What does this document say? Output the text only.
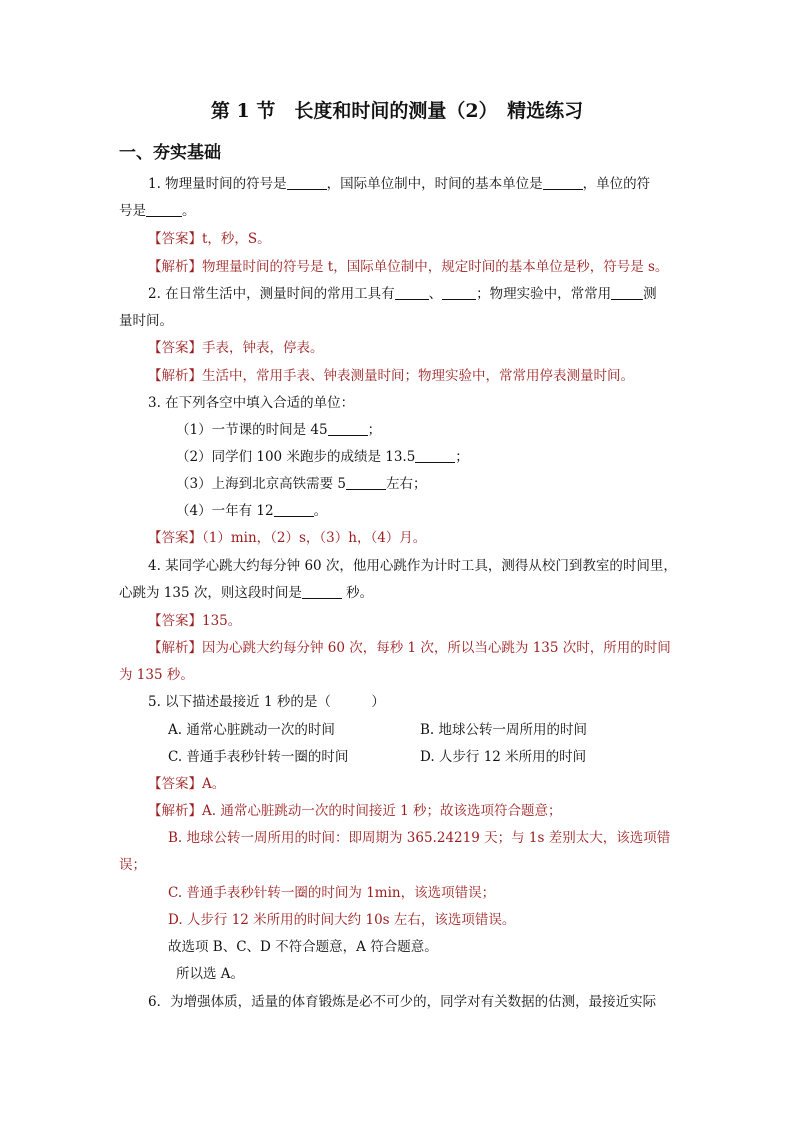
第 1 节　长度和时间的测量（2）　精选练习
一、夯实基础
1. 物理量时间的符号是	，国际单位制中，时间的基本单位是	，单位的符
号是	。
【答案】t，秒，S。
【解析】物理量时间的符号是 t，国际单位制中，规定时间的基本单位是秒，符号是 s。
2. 在日常生活中，测量时间的常用工具有	、	；物理实验中，常常用 测
量时间。
【答案】手表，钟表，停表。
【解析】生活中，常用手表、钟表测量时间；物理实验中，常常用停表测量时间。
3. 在下列各空中填入合适的单位：
（1）一节课的时间是 45	；
（2）同学们 100 米跑步的成绩是 13.5	；
（3）上海到北京高铁需要 5	左右；
（4）一年有 12	。
【答案】（1）min，（2）s，（3）h，（4）月。
4. 某同学心跳大约每分钟 60 次，他用心跳作为计时工具，测得从校门到教室的时间里，
心跳为 135 次，则这段时间是	秒。
【答案】135。
【解析】因为心跳大约每分钟 60 次，每秒 1 次，所以当心跳为 135 次时，所用的时间
为 135 秒。
5. 以下描述最接近 1 秒的是（　　　）
A. 通常心脏跳动一次的时间	B. 地球公转一周所用的时间
C. 普通手表秒针转一圈的时间	D. 人步行 12 米所用的时间
【答案】A。
【解析】A. 通常心脏跳动一次的时间接近 1 秒；故该选项符合题意；
B. 地球公转一周所用的时间：即周期为 365.24219 天；与 1s 差别太大，该选项错
误；
C. 普通手表秒针转一圈的时间为 1min，该选项错误；
D. 人步行 12 米所用的时间大约 10s 左右，该选项错误。
故选项 B、C、D 不符合题意，A 符合题意。
所以选 A。
6．为增强体质，适量的体育锻炼是必不可少的，同学对有关数据的估测，最接近实际
